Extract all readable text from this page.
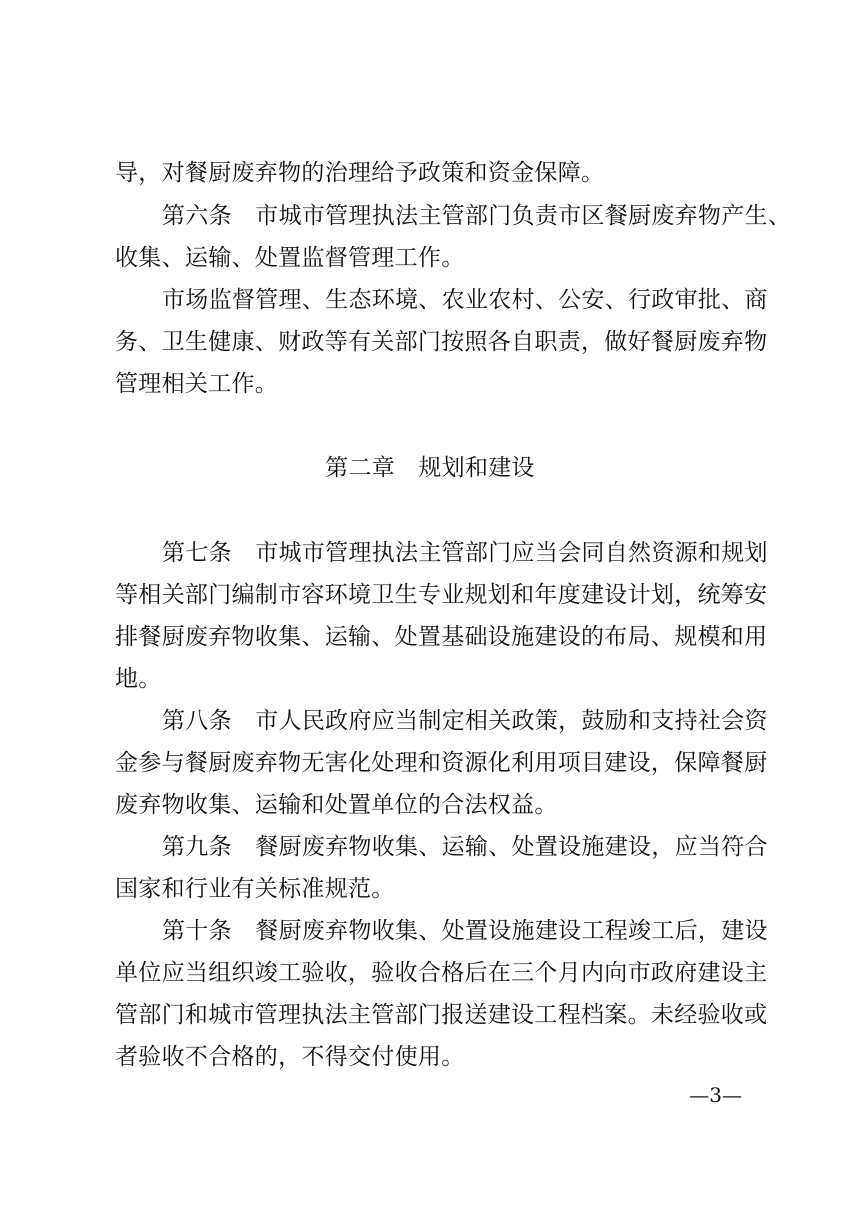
导，对餐厨废弃物的治理给予政策和资金保障。
第六条　 市城市管理执法主管部门负责市区餐厨废弃物产生、
收集、运输、处置监督管理工作。
市场监督管理、生态环境、农业农村、公安、行政审批、商
务、卫生健康、财政等有关部门按照各自职责，做好餐厨废弃物
管理相关工作。
第二章　 规划和建设
第七条　 市城市管理执法主管部门应当会同自然资源和规划
等相关部门编制市容环境卫生专业规划和年度建设计划，统筹安
排餐厨废弃物收集、运输、处置基础设施建设的布局、规模和用
地。
第八条　 市人民政府应当制定相关政策，鼓励和支持社会资
金参与餐厨废弃物无害化处理和资源化利用项目建设，保障餐厨
废弃物收集、运输和处置单位的合法权益。
第九条　 餐厨废弃物收集、运输、处置设施建设，应当符合
国家和行业有关标准规范。
第十条　 餐厨废弃物收集、处置设施建设工程竣工后，建设
单位应当组织竣工验收，验收合格后在三个月内向市政府建设主
管部门和城市管理执法主管部门报送建设工程档案。未经验收或
者验收不合格的，不得交付使用。
—3—
